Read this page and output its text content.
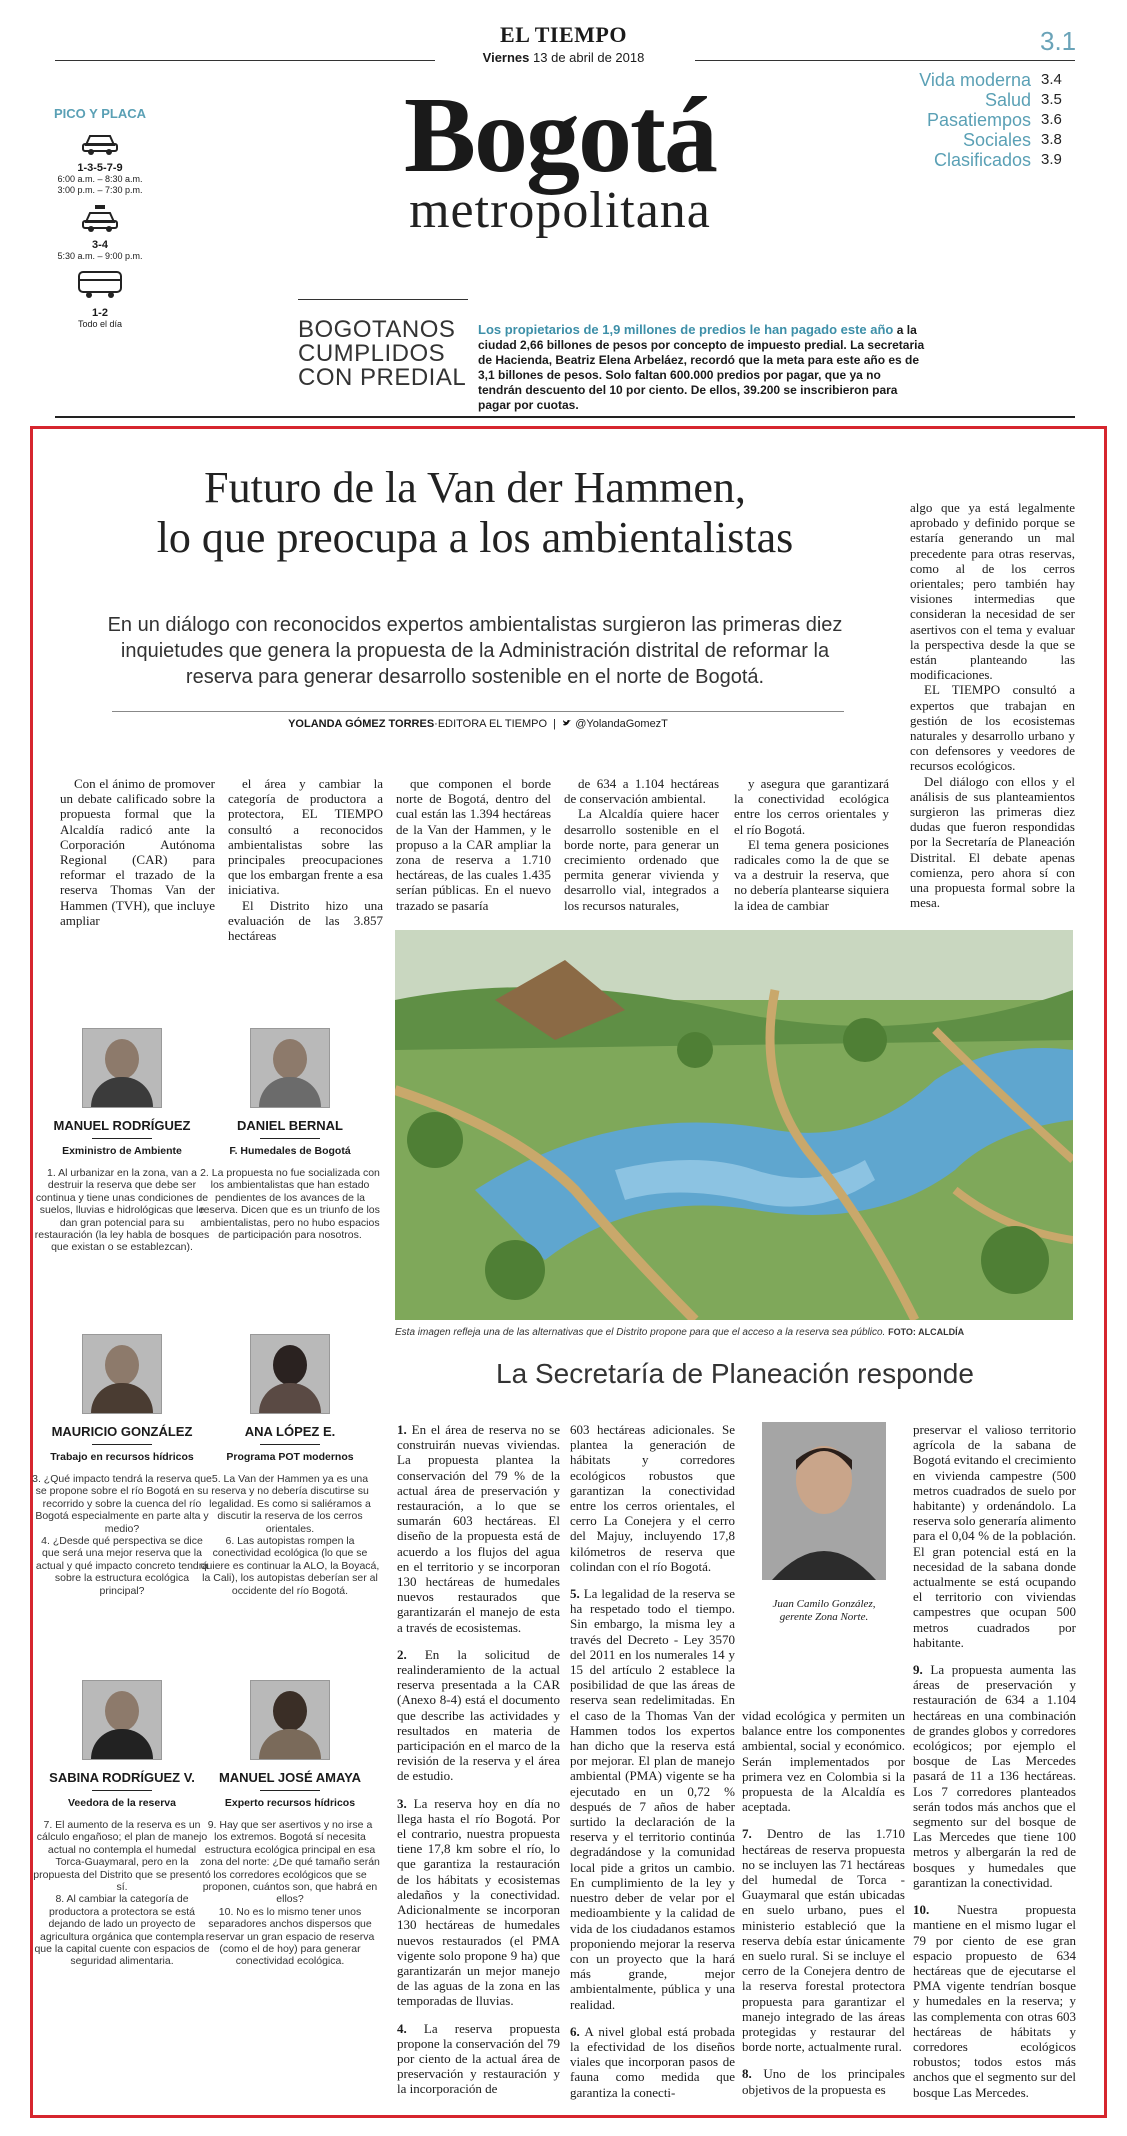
EL TIEMPO
Viernes 13 de abril de 2018
3.1
Bogotá
metropolitana
Vida moderna 3.4
Salud 3.5
Pasatiempos 3.6
Sociales 3.8
Clasificados 3.9
PICO Y PLACA
1-3-5-7-9
6:00 a.m. – 8:30 a.m.
3:00 p.m. – 7:30 p.m.
3-4
5:30 a.m. – 9:00 p.m.
1-2
Todo el día	BOGOTANOS CUMPLIDOS CON PREDIAL
Los propietarios de 1,9 millones de predios le han pagado este año a la ciudad 2,66 billones de pesos por concepto de impuesto predial. La secretaria de Hacienda, Beatriz Elena Arbeláez, recordó que la meta para este año es de 3,1 billones de pesos. Solo faltan 600.000 predios por pagar, que ya no tendrán descuento del 10 por ciento. De ellos, 39.200 se inscribieron para pagar por cuotas.
Futuro de la Van der Hammen,
lo que preocupa a los ambientalistas
En un diálogo con reconocidos expertos ambientalistas surgieron las primeras diez inquietudes que genera la propuesta de la Administración distrital de reformar la reserva para generar desarrollo sostenible en el norte de Bogotá.
YOLANDA GÓMEZ TORRES·EDITORA EL TIEMPO  |   @YolandaGomezT

Con el ánimo de promover un debate calificado sobre la propuesta formal que la Alcaldía radicó ante la Corporación Autónoma Regional (CAR) para reformar el trazado de la reserva Thomas Van der Hammen (TVH), que incluye ampliar

el área y cambiar la categoría de productora a protectora, EL TIEMPO consultó a reconocidos ambientalistas sobre las principales preocupaciones que los embargan frente a esa iniciativa.

El Distrito hizo una evaluación de las 3.857 hectáreas

que componen el borde norte de Bogotá, dentro del cual están las 1.394 hectáreas de la Van der Hammen, y le propuso a la CAR ampliar la zona de reserva a 1.710 hectáreas, de las cuales 1.435 serían públicas. En el nuevo trazado se pasaría

de 634 a 1.104 hectáreas de conservación ambiental.

La Alcaldía quiere hacer desarrollo sostenible en el borde norte, para generar un crecimiento ordenado que permita generar vivienda y desarrollo vial, integrados a los recursos naturales,

y asegura que garantizará la conectividad ecológica entre los cerros orientales y el río Bogotá.

El tema genera posiciones radicales como la de que se va a destruir la reserva, que no debería plantearse siquiera la idea de cambiar

algo que ya está legalmente aprobado y definido porque se estaría generando un mal precedente para otras reservas, como al de los cerros orientales; pero también hay visiones intermedias que consideran la necesidad de ser asertivos con el tema y evaluar la perspectiva desde la que se están planteando las modificaciones.

EL TIEMPO consultó a expertos que trabajan en gestión de los ecosistemas naturales y desarrollo urbano y con defensores y veedores de recursos ecológicos.

Del diálogo con ellos y el análisis de sus planteamientos surgieron las primeras diez dudas que fueron respondidas por la Secretaría de Planeación Distrital. El debate apenas comienza, pero ahora sí con una propuesta formal sobre la mesa.

MANUEL RODRÍGUEZ
Exministro de Ambiente
1. Al urbanizar en la zona, van a destruir la reserva que debe ser continua y tiene unas condiciones de suelos, lluvias e hidrológicas que le dan gran potencial para su restauración (la ley habla de bosques que existan o se establezcan).
DANIEL BERNAL
F. Humedales de Bogotá
2. La propuesta no fue socializada con los ambientalistas que han estado pendientes de los avances de la reserva. Dicen que es un triunfo de los ambientalistas, pero no hubo espacios de participación para nosotros.
MAURICIO GONZÁLEZ
Trabajo en recursos hídricos
3. ¿Qué impacto tendrá la reserva que se propone sobre el río Bogotá en su recorrido y sobre la cuenca del río Bogotá especialmente en parte alta y medio?
4. ¿Desde qué perspectiva se dice que será una mejor reserva que la actual y qué impacto concreto tendrá sobre la estructura ecológica principal?
ANA LÓPEZ E.
Programa POT modernos
5. La Van der Hammen ya es una reserva y no debería discutirse su legalidad. Es como si saliéramos a discutir la reserva de los cerros orientales.
6. Las autopistas rompen la conectividad ecológica (lo que se quiere es continuar la ALO, la Boyacá, la Cali), los autopistas deberían ser al occidente del río Bogotá.
SABINA RODRÍGUEZ V.
Veedora de la reserva
7. El aumento de la reserva es un cálculo engañoso; el plan de manejo actual no contempla el humedal Torca-Guaymaral, pero en la propuesta del Distrito que se presentó sí.
8. Al cambiar la categoría de productora a protectora se está dejando de lado un proyecto de agricultura orgánica que contempla que la capital cuente con espacios de seguridad alimentaria.
MANUEL JOSÉ AMAYA
Experto recursos hídricos
9. Hay que ser asertivos y no irse a los extremos. Bogotá sí necesita estructura ecológica principal en esa zona del norte: ¿De qué tamaño serán los corredores ecológicos que se proponen, cuántos son, que habrá en ellos?
10. No es lo mismo tener unos separadores anchos dispersos que reservar un gran espacio de reserva (como el de hoy) para generar conectividad ecológica.
Esta imagen refleja una de las alternativas que el Distrito propone para que el acceso a la reserva sea público. FOTO: ALCALDÍA
La Secretaría de Planeación responde

1. En el área de reserva no se construirán nuevas viviendas. La propuesta plantea la conservación del 79 % de la actual área de preservación y restauración, a lo que se sumarán 603 hectáreas. El diseño de la propuesta está de acuerdo a los flujos del agua en el territorio y se incorporan 130 hectáreas de humedales nuevos restaurados que garantizarán el manejo de esta a través de ecosistemas.

2. En la solicitud de realinderamiento de la actual reserva presentada a la CAR (Anexo 8-4) está el documento que describe las actividades y resultados en materia de participación en el marco de la revisión de la reserva y el área de estudio.

3. La reserva hoy en día no llega hasta el río Bogotá. Por el contrario, nuestra propuesta tiene 17,8 km sobre el río, lo que garantiza la restauración de los hábitats y ecosistemas aledaños y la conectividad. Adicionalmente se incorporan 130 hectáreas de humedales nuevos restaurados (el PMA vigente solo propone 9 ha) que garantizarán un mejor manejo de las aguas de la zona en las temporadas de lluvias.

4. La reserva propuesta propone la conservación del 79 por ciento de la actual área de preservación y restauración y la incorporación de

603 hectáreas adicionales. Se plantea la generación de hábitats y corredores ecológicos robustos que garantizan la conectividad entre los cerros orientales, el cerro La Conejera y el cerro del Majuy, incluyendo 17,8 kilómetros de reserva que colindan con el río Bogotá.

5. La legalidad de la reserva se ha respetado todo el tiempo. Sin embargo, la misma ley a través del Decreto - Ley 3570 del 2011 en los numerales 14 y 15 del artículo 2 establece la posibilidad de que las áreas de reserva sean redelimitadas. En el caso de la Thomas Van der Hammen todos los expertos han dicho que la reserva está por mejorar. El plan de manejo ambiental (PMA) vigente se ha ejecutado en un 0,72 % después de 7 años de haber surtido la declaración de la reserva y el territorio continúa degradándose y la comunidad local pide a gritos un cambio. En cumplimiento de la ley y nuestro deber de velar por el medioambiente y la calidad de vida de los ciudadanos estamos proponiendo mejorar la reserva con un proyecto que la hará más grande, mejor ambientalmente, pública y una realidad.

6. A nivel global está probada la efectividad de los diseños viales que incorporan pasos de fauna como medida que garantiza la conecti-

Juan Camilo González, gerente Zona Norte.

vidad ecológica y permiten un balance entre los componentes ambiental, social y económico. Serán implementados por primera vez en Colombia si la propuesta de la Alcaldía es aceptada.

7. Dentro de las 1.710 hectáreas de reserva propuesta no se incluyen las 71 hectáreas del humedal de Torca - Guaymaral que están ubicadas en suelo urbano, pues el ministerio estableció que la reserva debía estar únicamente en suelo rural. Si se incluye el cerro de la Conejera dentro de la reserva forestal protectora propuesta para garantizar el manejo integrado de las áreas protegidas y restaurar del borde norte, actualmente rural.

8. Uno de los principales objetivos de la propuesta es

preservar el valioso territorio agrícola de la sabana de Bogotá evitando el crecimiento en vivienda campestre (500 metros cuadrados de suelo por habitante) y ordenándolo. La reserva solo generaría alimento para el 0,04 % de la población. El gran potencial está en la necesidad de la sabana donde actualmente se está ocupando el territorio con viviendas campestres que ocupan 500 metros cuadrados por habitante.

9. La propuesta aumenta las áreas de preservación y restauración de 634 a 1.104 hectáreas en una combinación de grandes globos y corredores ecológicos; por ejemplo el bosque de Las Mercedes pasará de 11 a 136 hectáreas. Los 7 corredores planteados serán todos más anchos que el segmento sur del bosque de Las Mercedes que tiene 100 metros y albergarán la red de bosques y humedales que garantizan la conectividad.

10. Nuestra propuesta mantiene en el mismo lugar el 79 por ciento de ese gran espacio propuesto de 634 hectáreas que de ejecutarse el PMA vigente tendrían bosque y humedales en la reserva; y las complementa con otras 603 hectáreas de hábitats y corredores ecológicos robustos; todos estos más anchos que el segmento sur del bosque Las Mercedes.
